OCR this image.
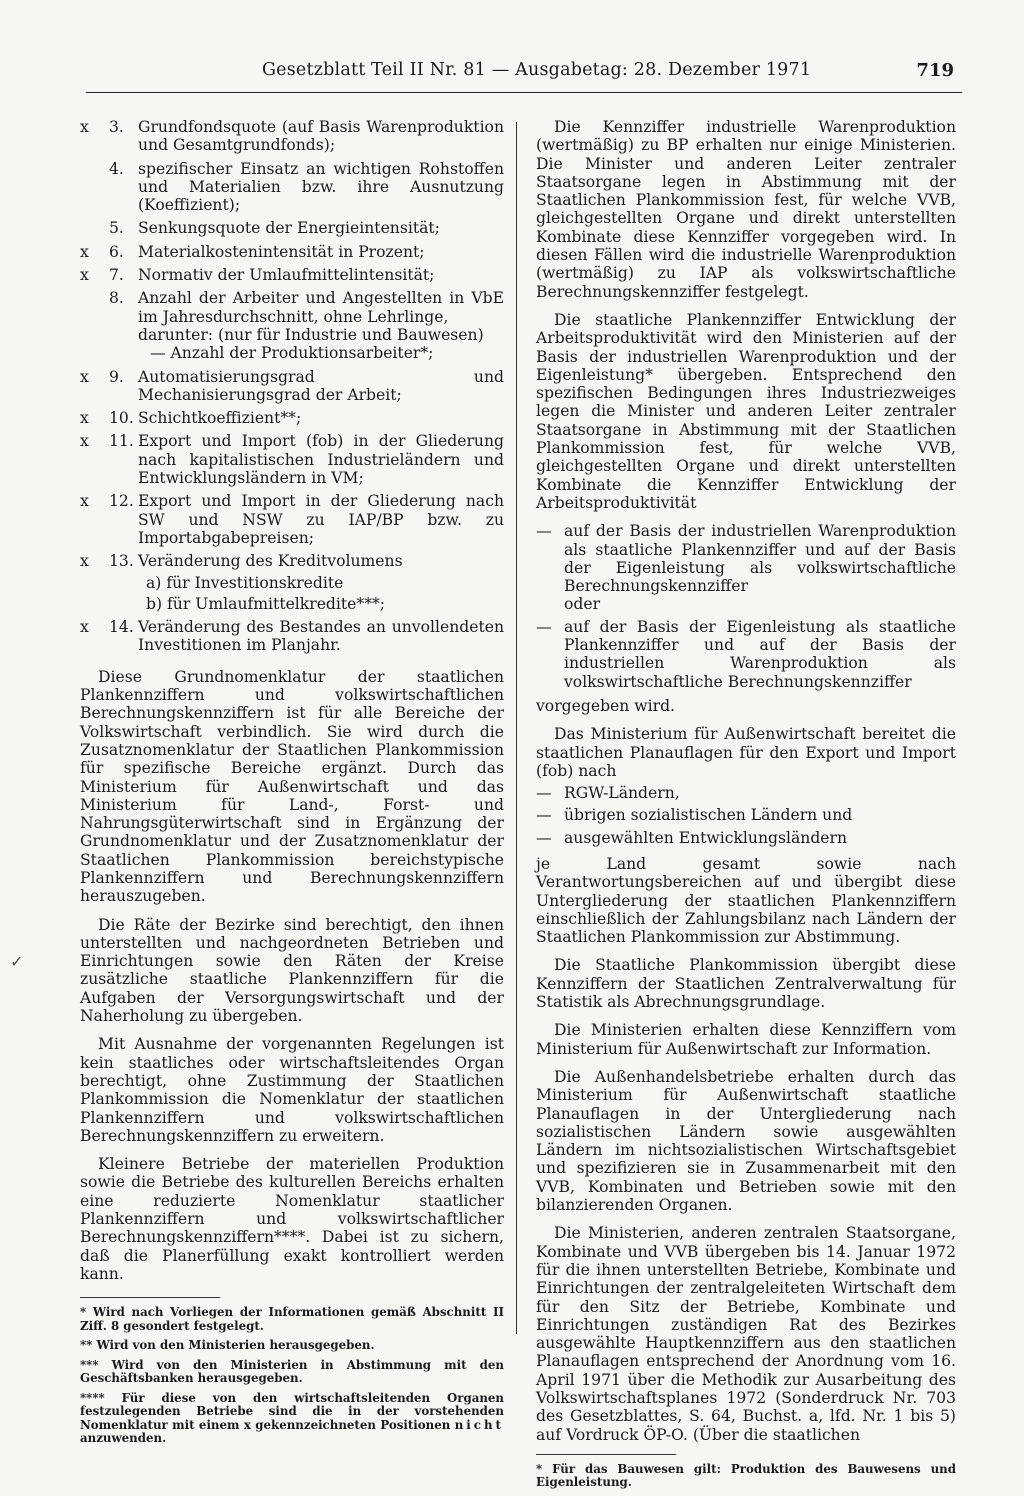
Gesetzblatt Teil II Nr. 81 — Ausgabetag: 28. Dezember 1971	719
✓
x 3. Grundfondsquote (auf Basis Warenproduktion und Gesamtgrundfonds);
4. spezifischer Einsatz an wichtigen Rohstoffen und Materialien bzw. ihre Ausnutzung (Koeffizient);
5. Senkungsquote der Energieintensität;
x 6. Materialkostenintensität in Prozent;
x 7. Normativ der Umlaufmittelintensität;
8. Anzahl der Arbeiter und Angestellten in VbE im Jahresdurchschnitt, ohne Lehrlinge,
darunter: (nur für Industrie und Bauwesen)
— Anzahl der Produktionsarbeiter*;
x 9. Automatisierungsgrad und Mechanisierungsgrad der Arbeit;
x 10. Schichtkoeffizient**;
x 11. Export und Import (fob) in der Gliederung nach kapitalistischen Industrieländern und Entwicklungsländern in VM;
x 12. Export und Import in der Gliederung nach SW und NSW zu IAP/BP bzw. zu Importabgabepreisen;
x 13. Veränderung des Kreditvolumens
a) für Investitionskredite
b) für Umlaufmittelkredite***;
x 14. Veränderung des Bestandes an unvollendeten Investitionen im Planjahr.

Diese Grundnomenklatur der staatlichen Plankennziffern und volkswirtschaftlichen Berechnungskennziffern ist für alle Bereiche der Volkswirtschaft verbindlich. Sie wird durch die Zusatznomenklatur der Staatlichen Plankommission für spezifische Bereiche ergänzt. Durch das Ministerium für Außenwirtschaft und das Ministerium für Land-, Forst- und Nahrungsgüterwirtschaft sind in Ergänzung der Grundnomenklatur und der Zusatznomenklatur der Staatlichen Plankommission bereichstypische Plankennziffern und Berechnungskennziffern herauszugeben.

Die Räte der Bezirke sind berechtigt, den ihnen unterstellten und nachgeordneten Betrieben und Einrichtungen sowie den Räten der Kreise zusätzliche staatliche Plankennziffern für die Aufgaben der Versorgungswirtschaft und der Naherholung zu übergeben.

Mit Ausnahme der vorgenannten Regelungen ist kein staatliches oder wirtschaftsleitendes Organ berechtigt, ohne Zustimmung der Staatlichen Plankommission die Nomenklatur der staatlichen Plankennziffern und volkswirtschaftlichen Berechnungskennziffern zu erweitern.

Kleinere Betriebe der materiellen Produktion sowie die Betriebe des kulturellen Bereichs erhalten eine reduzierte Nomenklatur staatlicher Plankennziffern und volkswirtschaftlicher Berechnungskennziffern****. Dabei ist zu sichern, daß die Planerfüllung exakt kontrolliert werden kann.

* Wird nach Vorliegen der Informationen gemäß Abschnitt II Ziff. 8 gesondert festgelegt.
** Wird von den Ministerien herausgegeben.
*** Wird von den Ministerien in Abstimmung mit den Geschäftsbanken herausgegeben.
**** Für diese von den wirtschaftsleitenden Organen festzulegenden Betriebe sind die in der vorstehenden Nomenklatur mit einem x gekennzeichneten Positionen nicht anzuwenden.

Die Kennziffer industrielle Warenproduktion (wertmäßig) zu BP erhalten nur einige Ministerien. Die Minister und anderen Leiter zentraler Staatsorgane legen in Abstimmung mit der Staatlichen Plankommission fest, für welche VVB, gleichgestellten Organe und direkt unterstellten Kombinate diese Kennziffer vorgegeben wird. In diesen Fällen wird die industrielle Warenproduktion (wertmäßig) zu IAP als volkswirtschaftliche Berechnungskennziffer festgelegt.

Die staatliche Plankennziffer Entwicklung der Arbeitsproduktivität wird den Ministerien auf der Basis der industriellen Warenproduktion und der Eigenleistung* übergeben. Entsprechend den spezifischen Bedingungen ihres Industriezweiges legen die Minister und anderen Leiter zentraler Staatsorgane in Abstimmung mit der Staatlichen Plankommission fest, für welche VVB, gleichgestellten Organe und direkt unterstellten Kombinate die Kennziffer Entwicklung der Arbeitsproduktivität

— auf der Basis der industriellen Warenproduktion als staatliche Plankennziffer und auf der Basis der Eigenleistung als volkswirtschaftliche Berechnungskennziffer
oder
— auf der Basis der Eigenleistung als staatliche Plankennziffer und auf der Basis der industriellen Warenproduktion als volkswirtschaftliche Berechnungskennziffer

vorgegeben wird.

Das Ministerium für Außenwirtschaft bereitet die staatlichen Planauflagen für den Export und Import (fob) nach

— RGW-Ländern,
— übrigen sozialistischen Ländern und
— ausgewählten Entwicklungsländern

je Land gesamt sowie nach Verantwortungsbereichen auf und übergibt diese Untergliederung der staatlichen Plankennziffern einschließlich der Zahlungsbilanz nach Ländern der Staatlichen Plankommission zur Abstimmung.

Die Staatliche Plankommission übergibt diese Kennziffern der Staatlichen Zentralverwaltung für Statistik als Abrechnungsgrundlage.

Die Ministerien erhalten diese Kennziffern vom Ministerium für Außenwirtschaft zur Information.

Die Außenhandelsbetriebe erhalten durch das Ministerium für Außenwirtschaft staatliche Planauflagen in der Untergliederung nach sozialistischen Ländern sowie ausgewählten Ländern im nichtsozialistischen Wirtschaftsgebiet und spezifizieren sie in Zusammenarbeit mit den VVB, Kombinaten und Betrieben sowie mit den bilanzierenden Organen.

Die Ministerien, anderen zentralen Staatsorgane, Kombinate und VVB übergeben bis 14. Januar 1972 für die ihnen unterstellten Betriebe, Kombinate und Einrichtungen der zentralgeleiteten Wirtschaft dem für den Sitz der Betriebe, Kombinate und Einrichtungen zuständigen Rat des Bezirkes ausgewählte Hauptkennziffern aus den staatlichen Planauflagen entsprechend der Anordnung vom 16. April 1971 über die Methodik zur Ausarbeitung des Volkswirtschaftsplanes 1972 (Sonderdruck Nr. 703 des Gesetzblattes, S. 64, Buchst. a, lfd. Nr. 1 bis 5) auf Vordruck ÖP-O. (Über die staatlichen

* Für das Bauwesen gilt: Produktion des Bauwesens und Eigenleistung.
